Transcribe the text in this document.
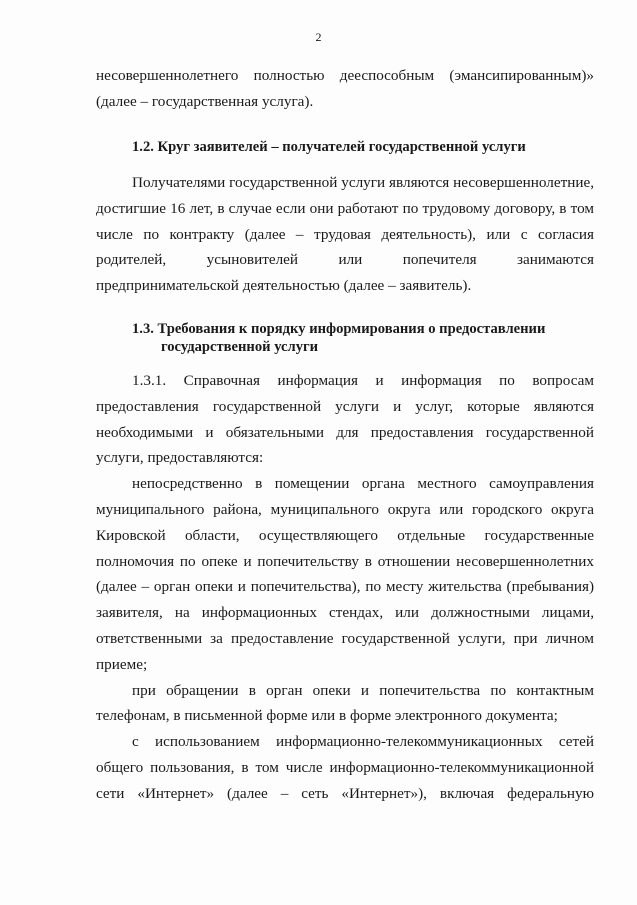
2

несовершеннолетнего полностью дееспособным (эмансипированным)»

(далее – государственная услуга).

1.2. Круг заявителей – получателей государственной услуги

Получателями государственной услуги являются несовершеннолетние, достигшие 16 лет, в случае если они работают по трудовому договору, в том числе по контракту (далее – трудовая деятельность), или с согласия родителей, усыновителей или попечителя занимаются предпринимательской деятельностью (далее – заявитель).

1.3. Требования к порядку информирования о предоставлении
государственной услуги

1.3.1. Справочная информация и информация по вопросам предоставления государственной услуги и услуг, которые являются необходимыми и обязательными для предоставления государственной услуги, предоставляются:

непосредственно в помещении органа местного самоуправления муниципального района, муниципального округа или городского округа Кировской области, осуществляющего отдельные государственные полномочия по опеке и попечительству в отношении несовершеннолетних (далее – орган опеки и попечительства), по месту жительства (пребывания) заявителя, на информационных стендах, или должностными лицами, ответственными за предоставление государственной услуги, при личном приеме;

при обращении в орган опеки и попечительства по контактным телефонам, в письменной форме или в форме электронного документа;

с использованием информационно-телекоммуникационных сетей общего пользования, в том числе информационно-телекоммуникационной сети «Интернет» (далее – сеть «Интернет»), включая федеральную
